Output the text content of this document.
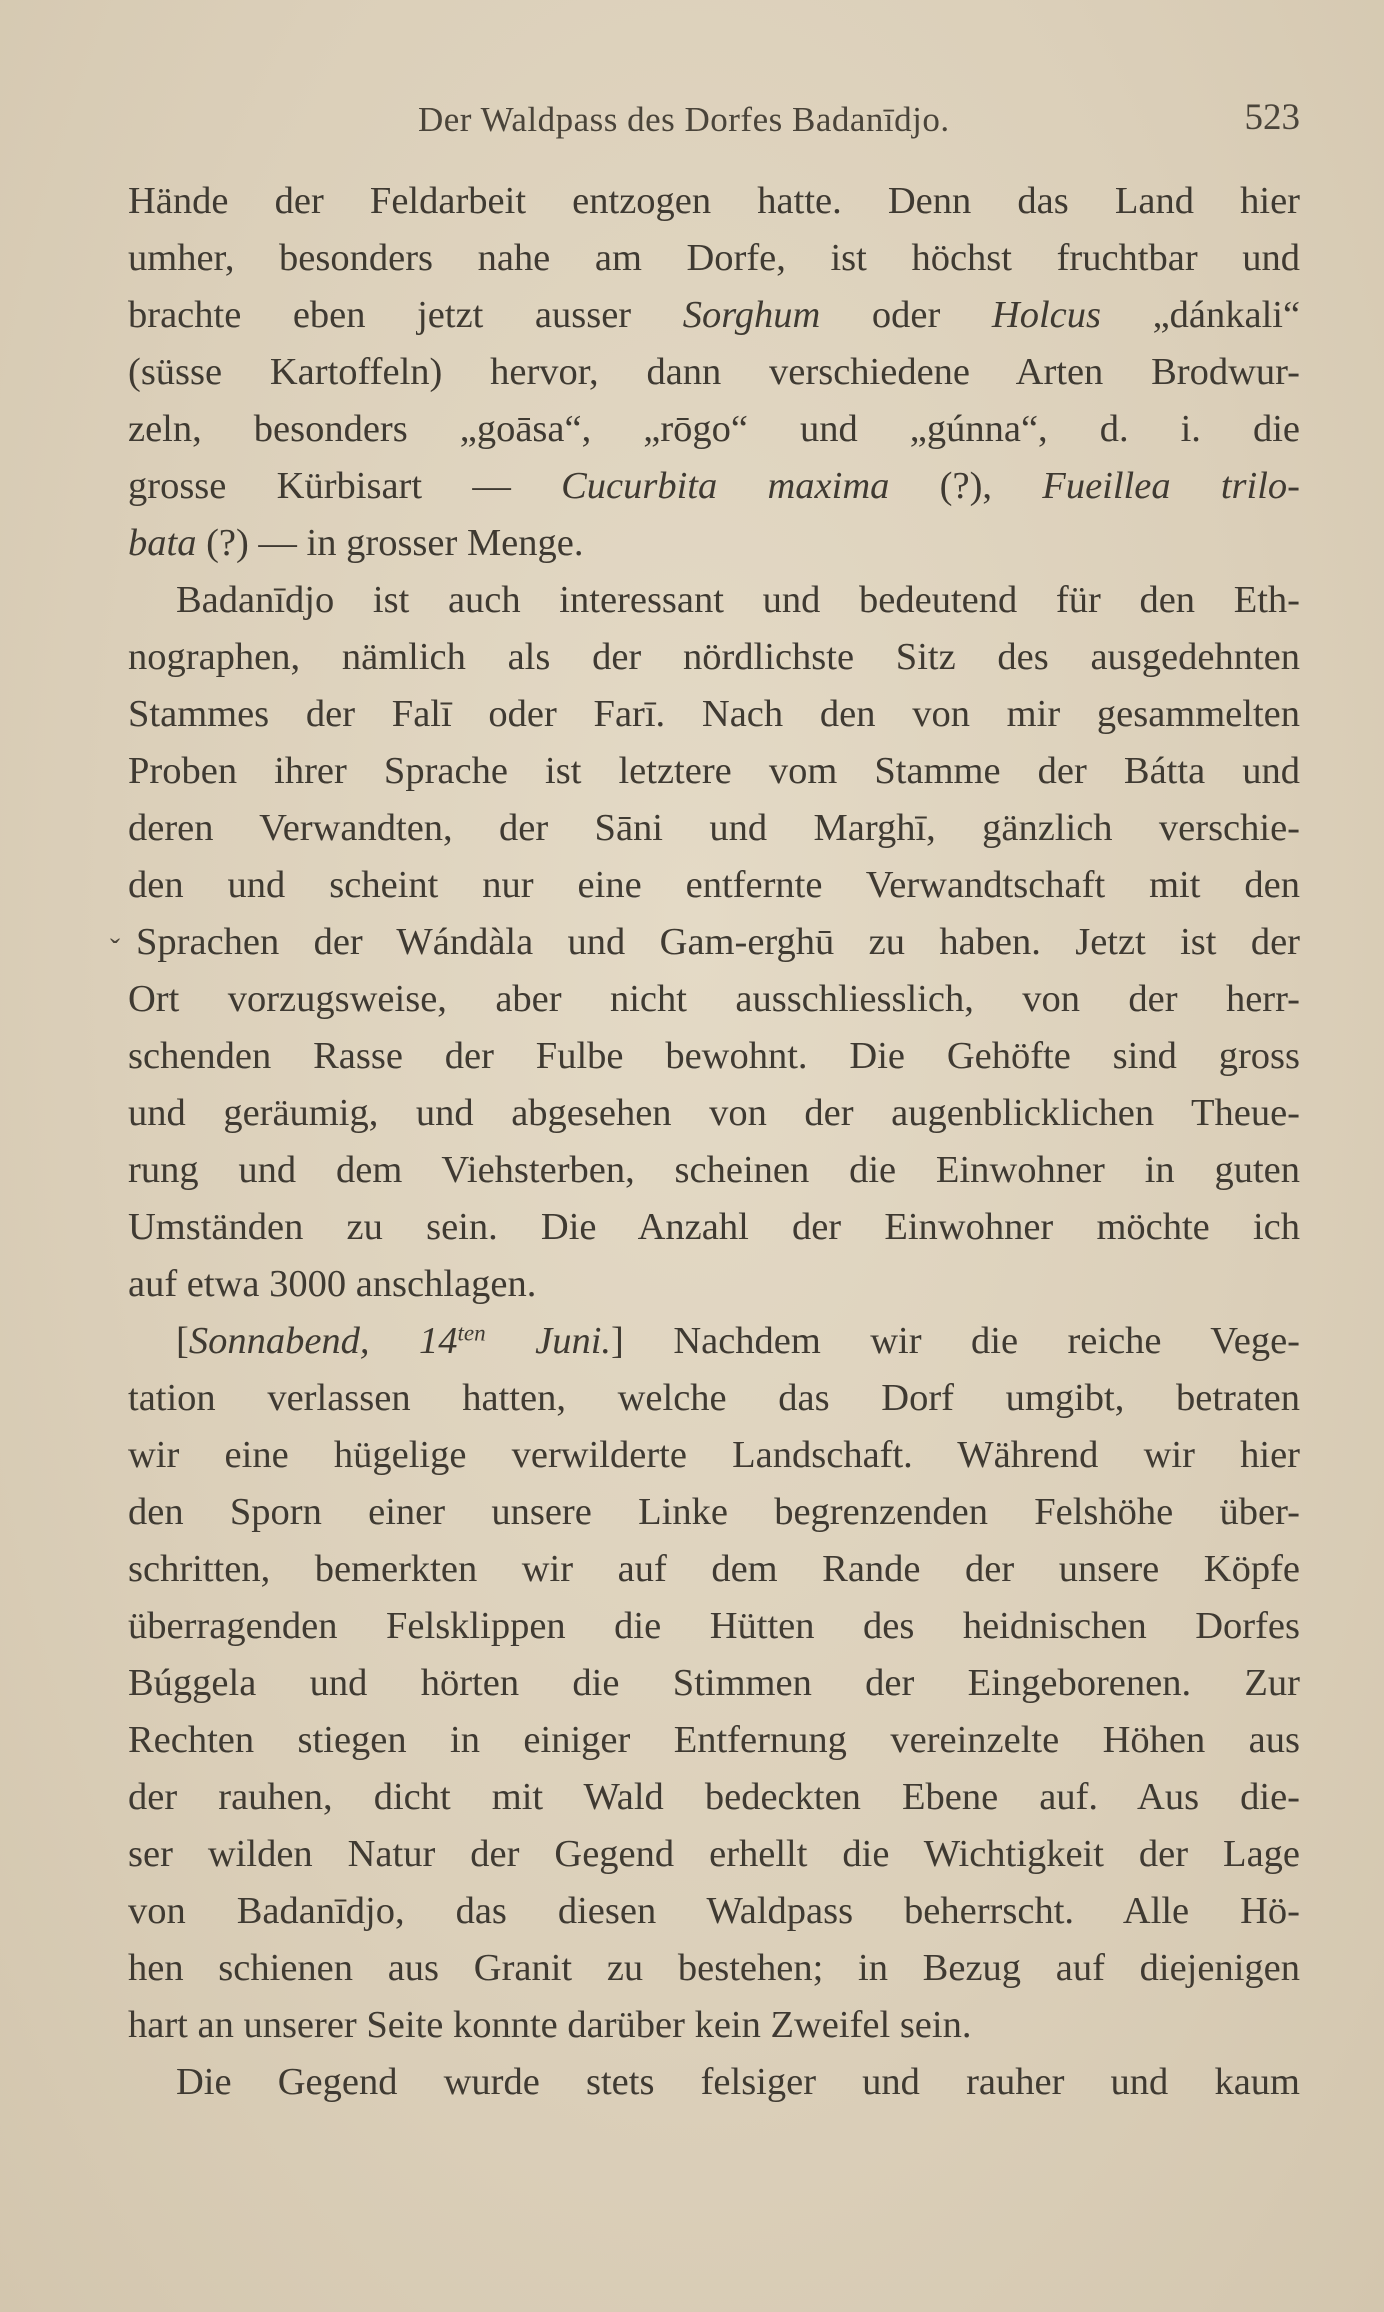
Der Waldpass des Dorfes Badanīdjo.	523
ˇ
Hände der Feldarbeit entzogen hatte. Denn das Land hier
umher, besonders nahe am Dorfe, ist höchst fruchtbar und
brachte eben jetzt ausser Sorghum oder Holcus „dánkali“
(süsse Kartoffeln) hervor, dann verschiedene Arten Brodwur-
zeln, besonders „goāsa“, „rōgo“ und „gúnna“, d. i. die
grosse Kürbisart — Cucurbita maxima (?), Fueillea trilo-
bata (?) — in grosser Menge.
Badanīdjo ist auch interessant und bedeutend für den Eth-
nographen, nämlich als der nördlichste Sitz des ausgedehnten
Stammes der Falī oder Farī. Nach den von mir gesammelten
Proben ihrer Sprache ist letztere vom Stamme der Bátta und
deren Verwandten, der Sāni und Marghī, gänzlich verschie-
den und scheint nur eine entfernte Verwandtschaft mit den
Sprachen der Wándàla und Gam-erghū zu haben. Jetzt ist der
Ort vorzugsweise, aber nicht ausschliesslich, von der herr-
schenden Rasse der Fulbe bewohnt. Die Gehöfte sind gross
und geräumig, und abgesehen von der augenblicklichen Theue-
rung und dem Viehsterben, scheinen die Einwohner in guten
Umständen zu sein. Die Anzahl der Einwohner möchte ich
auf etwa 3000 anschlagen.
[Sonnabend, $14^{ten}$ Juni.] Nachdem wir die reiche Vege-
tation verlassen hatten, welche das Dorf umgibt, betraten
wir eine hügelige verwilderte Landschaft. Während wir hier
den Sporn einer unsere Linke begrenzenden Felshöhe über-
schritten, bemerkten wir auf dem Rande der unsere Köpfe
überragenden Felsklippen die Hütten des heidnischen Dorfes
Búggela und hörten die Stimmen der Eingeborenen. Zur
Rechten stiegen in einiger Entfernung vereinzelte Höhen aus
der rauhen, dicht mit Wald bedeckten Ebene auf. Aus die-
ser wilden Natur der Gegend erhellt die Wichtigkeit der Lage
von Badanīdjo, das diesen Waldpass beherrscht. Alle Hö-
hen schienen aus Granit zu bestehen; in Bezug auf diejenigen
hart an unserer Seite konnte darüber kein Zweifel sein.
Die Gegend wurde stets felsiger und rauher und kaum
